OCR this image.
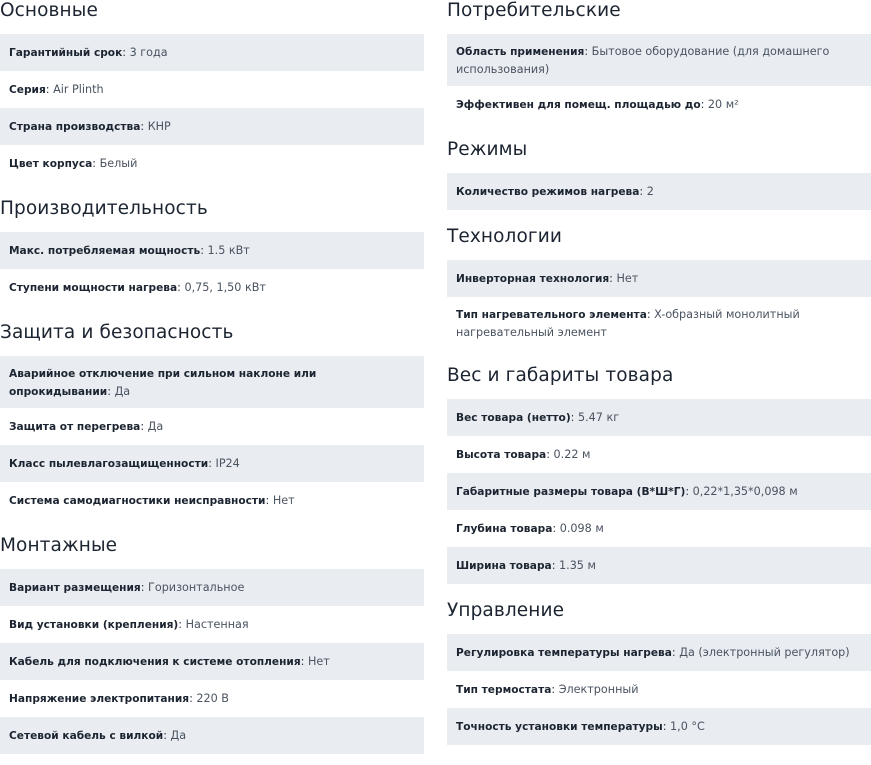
Основные
Гарантийный срок: 3 года
Серия: Air Plinth
Страна производства: КНР
Цвет корпуса: Белый
Производительность
Макс. потребляемая мощность: 1.5 кВт
Ступени мощности нагрева: 0,75, 1,50 кВт
Защита и безопасность
Аварийное отключение при сильном наклоне или опрокидывании: Да
Защита от перегрева: Да
Класс пылевлагозащищенности: IP24
Система самодиагностики неисправности: Нет
Монтажные
Вариант размещения: Горизонтальное
Вид установки (крепления): Настенная
Кабель для подключения к системе отопления: Нет
Напряжение электропитания: 220 В
Сетевой кабель с вилкой: Да
Потребительские
Область применения: Бытовое оборудование (для домашнего использования)
Эффективен для помещ. площадью до: 20 м²
Режимы
Количество режимов нагрева: 2
Технологии
Инверторная технология: Нет
Тип нагревательного элемента: X-образный монолитный нагревательный элемент
Вес и габариты товара
Вес товара (нетто): 5.47 кг
Высота товара: 0.22 м
Габаритные размеры товара (В*Ш*Г): 0,22*1,35*0,098 м
Глубина товара: 0.098 м
Ширина товара: 1.35 м
Управление
Регулировка температуры нагрева: Да (электронный регулятор)
Тип термостата: Электронный
Точность установки температуры: 1,0 °C
